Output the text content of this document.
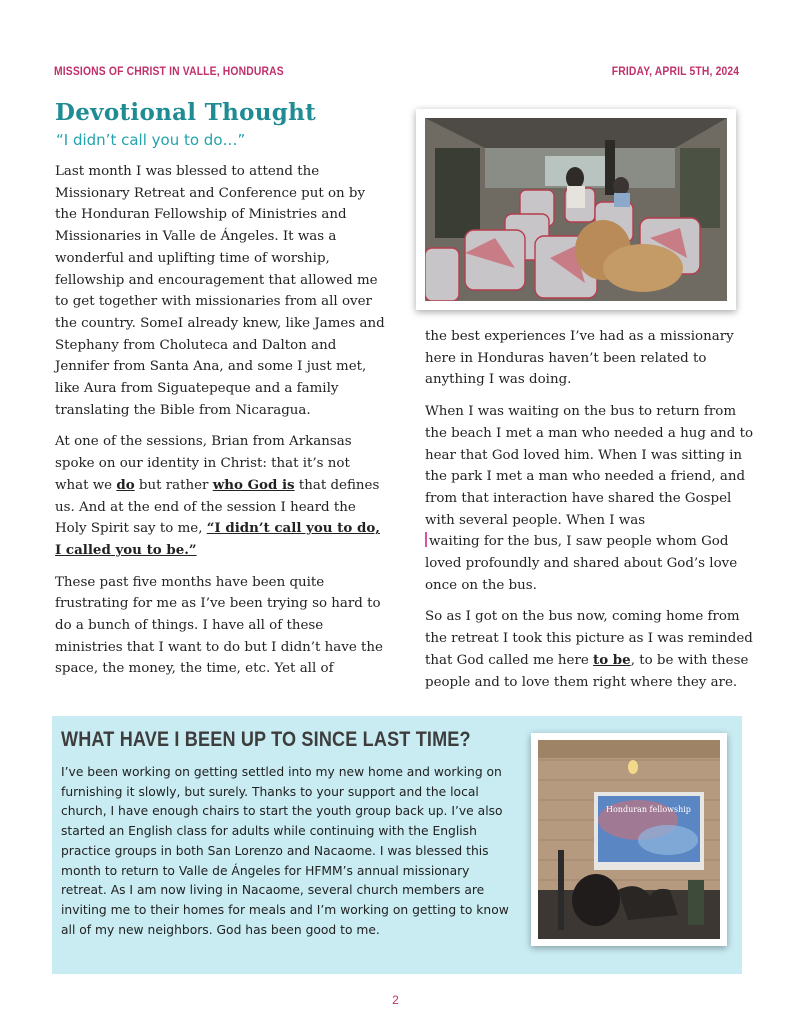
MISSIONS OF CHRIST IN VALLE, HONDURAS	FRIDAY, APRIL 5TH, 2024
Devotional Thought
“I didn’t call you to do…”

Last month I was blessed to attend the Missionary Retreat and Conference put on by the Honduran Fellowship of Ministries and Missionaries in Valle de Ángeles. It was a wonderful and uplifting time of worship, fellowship and encouragement that allowed me to get together with missionaries from all over the country. SomeI already knew, like James and Stephany from Choluteca and Dalton and Jennifer from Santa Ana, and some I just met, like Aura from Siguatepeque and a family translating the Bible from Nicaragua.

At one of the sessions, Brian from Arkansas spoke on our identity in Christ: that it’s not what we do but rather who God is that defines us. And at the end of the session I heard the Holy Spirit say to me, “I didn’t call you to do, I called you to be.”

These past five months have been quite frustrating for me as I’ve been trying so hard to do a bunch of things. I have all of these ministries that I want to do but I didn’t have the space, the money, the time, etc. Yet all of

the best experiences I’ve had as a missionary here in Honduras haven’t been related to anything I was doing.

When I was waiting on the bus to return from the beach I met a man who needed a hug and to hear that God loved him. When I was sitting in the park I met a man who needed a friend, and from that interaction have shared the Gospel with several people. When I was
waiting for the bus, I saw people whom God loved profoundly and shared about God’s love once on the bus.

So as I got on the bus now, coming home from the retreat I took this picture as I was reminded that God called me here to be, to be with these people and to love them right where they are.

WHAT HAVE I BEEN UP TO SINCE LAST TIME?

I’ve been working on getting settled into my new home and working on furnishing it slowly, but surely. Thanks to your support and the local church, I have enough chairs to start the youth group back up. I’ve also started an English class for adults while continuing with the English practice groups in both San Lorenzo and Nacaome. I was blessed this month to return to Valle de Ángeles for HFMM’s annual missionary retreat. As I am now living in Nacaome, several church members are inviting me to their homes for meals and I’m working on getting to know all of my new neighbors. God has been good to me.

Honduran fellowship
2
